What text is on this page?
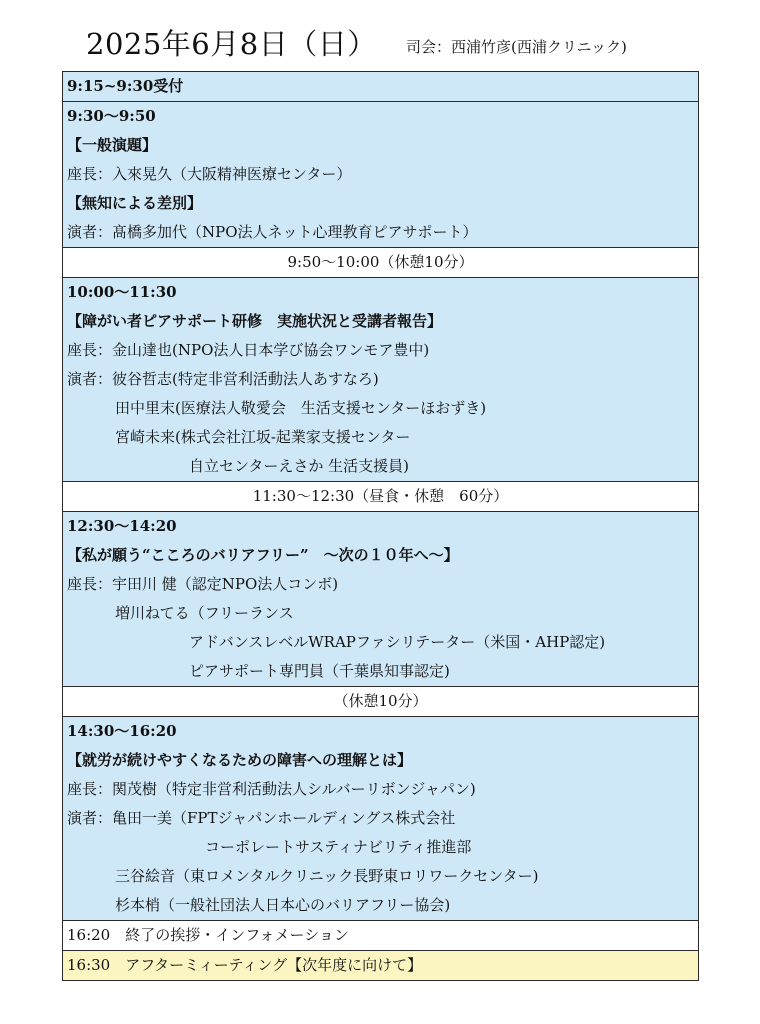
2025年6月8日（日） 司会：西浦竹彦(西浦クリニック)
9:15~9:30受付
9:30～9:50
【一般演題】
座長：入來晃久（大阪精神医療センター）
【無知による差別】
演者：髙橋多加代（NPO法人ネット心理教育ピアサポート）
9:50～10:00（休憩10分）
10:00～11:30
【障がい者ピアサポート研修　実施状況と受講者報告】
座長：金山達也(NPO法人日本学び協会ワンモア豊中)
演者：彼谷哲志(特定非営利活動法人あすなろ)
田中里末(医療法人敬愛会　生活支援センターほおずき)
宮崎未来(株式会社江坂-起業家支援センター
自立センターえさか 生活支援員)
11:30～12:30（昼食・休憩　60分）
12:30～14:20
【私が願う“こころのバリアフリー”　～次の１０年へ～】
座長：宇田川 健（認定NPO法人コンボ)
増川ねてる（フリーランス
アドバンスレベルWRAPファシリテーター（米国・AHP認定)
ピアサポート専門員（千葉県知事認定)
（休憩10分）
14:30～16:20
【就労が続けやすくなるための障害への理解とは】
座長：関茂樹（特定非営利活動法人シルバーリボンジャパン)
演者：亀田一美（FPTジャパンホールディングス株式会社
コーポレートサスティナビリティ推進部
三谷絵音（東ロメンタルクリニック長野東ロリワークセンター)
杉本梢（一般社団法人日本心のバリアフリー協会)
16:20　終了の挨拶・インフォメーション
16:30　アフターミィーティング【次年度に向けて】
